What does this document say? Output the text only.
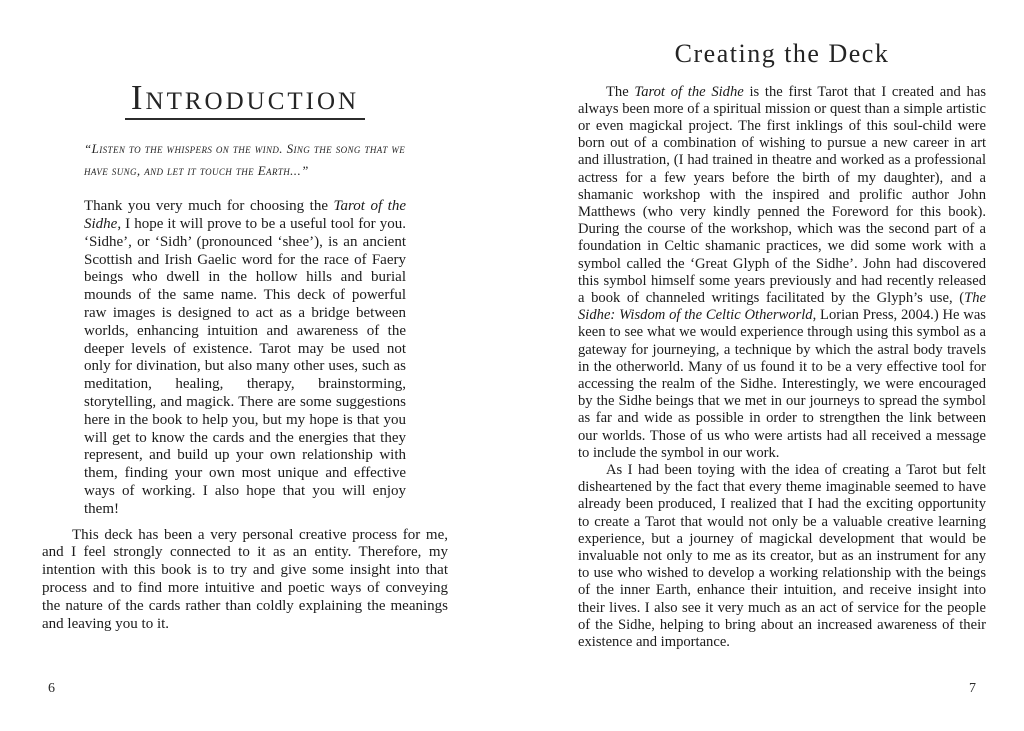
Introduction

“Listen to the whispers on the wind. Sing the song that we have sung, and let it touch the Earth...”

Thank you very much for choosing the Tarot of the Sidhe, I hope it will prove to be a useful tool for you. ‘Sidhe’, or ‘Sidh’ (pronounced ‘shee’), is an ancient Scottish and Irish Gaelic word for the race of Faery beings who dwell in the hollow hills and burial mounds of the same name. This deck of powerful raw images is designed to act as a bridge between worlds, enhancing intuition and awareness of the deeper levels of existence. Tarot may be used not only for divination, but also many other uses, such as meditation, healing, therapy, brainstorming, storytelling, and magick. There are some suggestions here in the book to help you, but my hope is that you will get to know the cards and the energies that they represent, and build up your own relationship with them, finding your own most unique and effective ways of working. I also hope that you will enjoy them!

This deck has been a very personal creative process for me, and I feel strongly connected to it as an entity. Therefore, my intention with this book is to try and give some insight into that process and to find more intuitive and poetic ways of conveying the nature of the cards rather than coldly explaining the meanings and leaving you to it.

6
Creating the Deck

The Tarot of the Sidhe is the first Tarot that I created and has always been more of a spiritual mission or quest than a simple artistic or even magickal project. The first inklings of this soul-child were born out of a combination of wishing to pursue a new career in art and illustration, (I had trained in theatre and worked as a professional actress for a few years before the birth of my daughter), and a shamanic workshop with the inspired and prolific author John Matthews (who very kindly penned the Foreword for this book). During the course of the workshop, which was the second part of a foundation in Celtic shamanic practices, we did some work with a symbol called the ‘Great Glyph of the Sidhe’. John had discovered this symbol himself some years previously and had recently released a book of channeled writings facilitated by the Glyph’s use, (The Sidhe: Wisdom of the Celtic Otherworld, Lorian Press, 2004.) He was keen to see what we would experience through using this symbol as a gateway for journeying, a technique by which the astral body travels in the otherworld. Many of us found it to be a very effective tool for accessing the realm of the Sidhe. Interestingly, we were encouraged by the Sidhe beings that we met in our journeys to spread the symbol as far and wide as possible in order to strengthen the link between our worlds. Those of us who were artists had all received a message to include the symbol in our work.

As I had been toying with the idea of creating a Tarot but felt disheartened by the fact that every theme imaginable seemed to have already been produced, I realized that I had the exciting opportunity to create a Tarot that would not only be a valuable creative learning experience, but a journey of magickal development that would be invaluable not only to me as its creator, but as an instrument for any to use who wished to develop a working relationship with the beings of the inner Earth, enhance their intuition, and receive insight into their lives. I also see it very much as an act of service for the people of the Sidhe, helping to bring about an increased awareness of their existence and importance.

7
